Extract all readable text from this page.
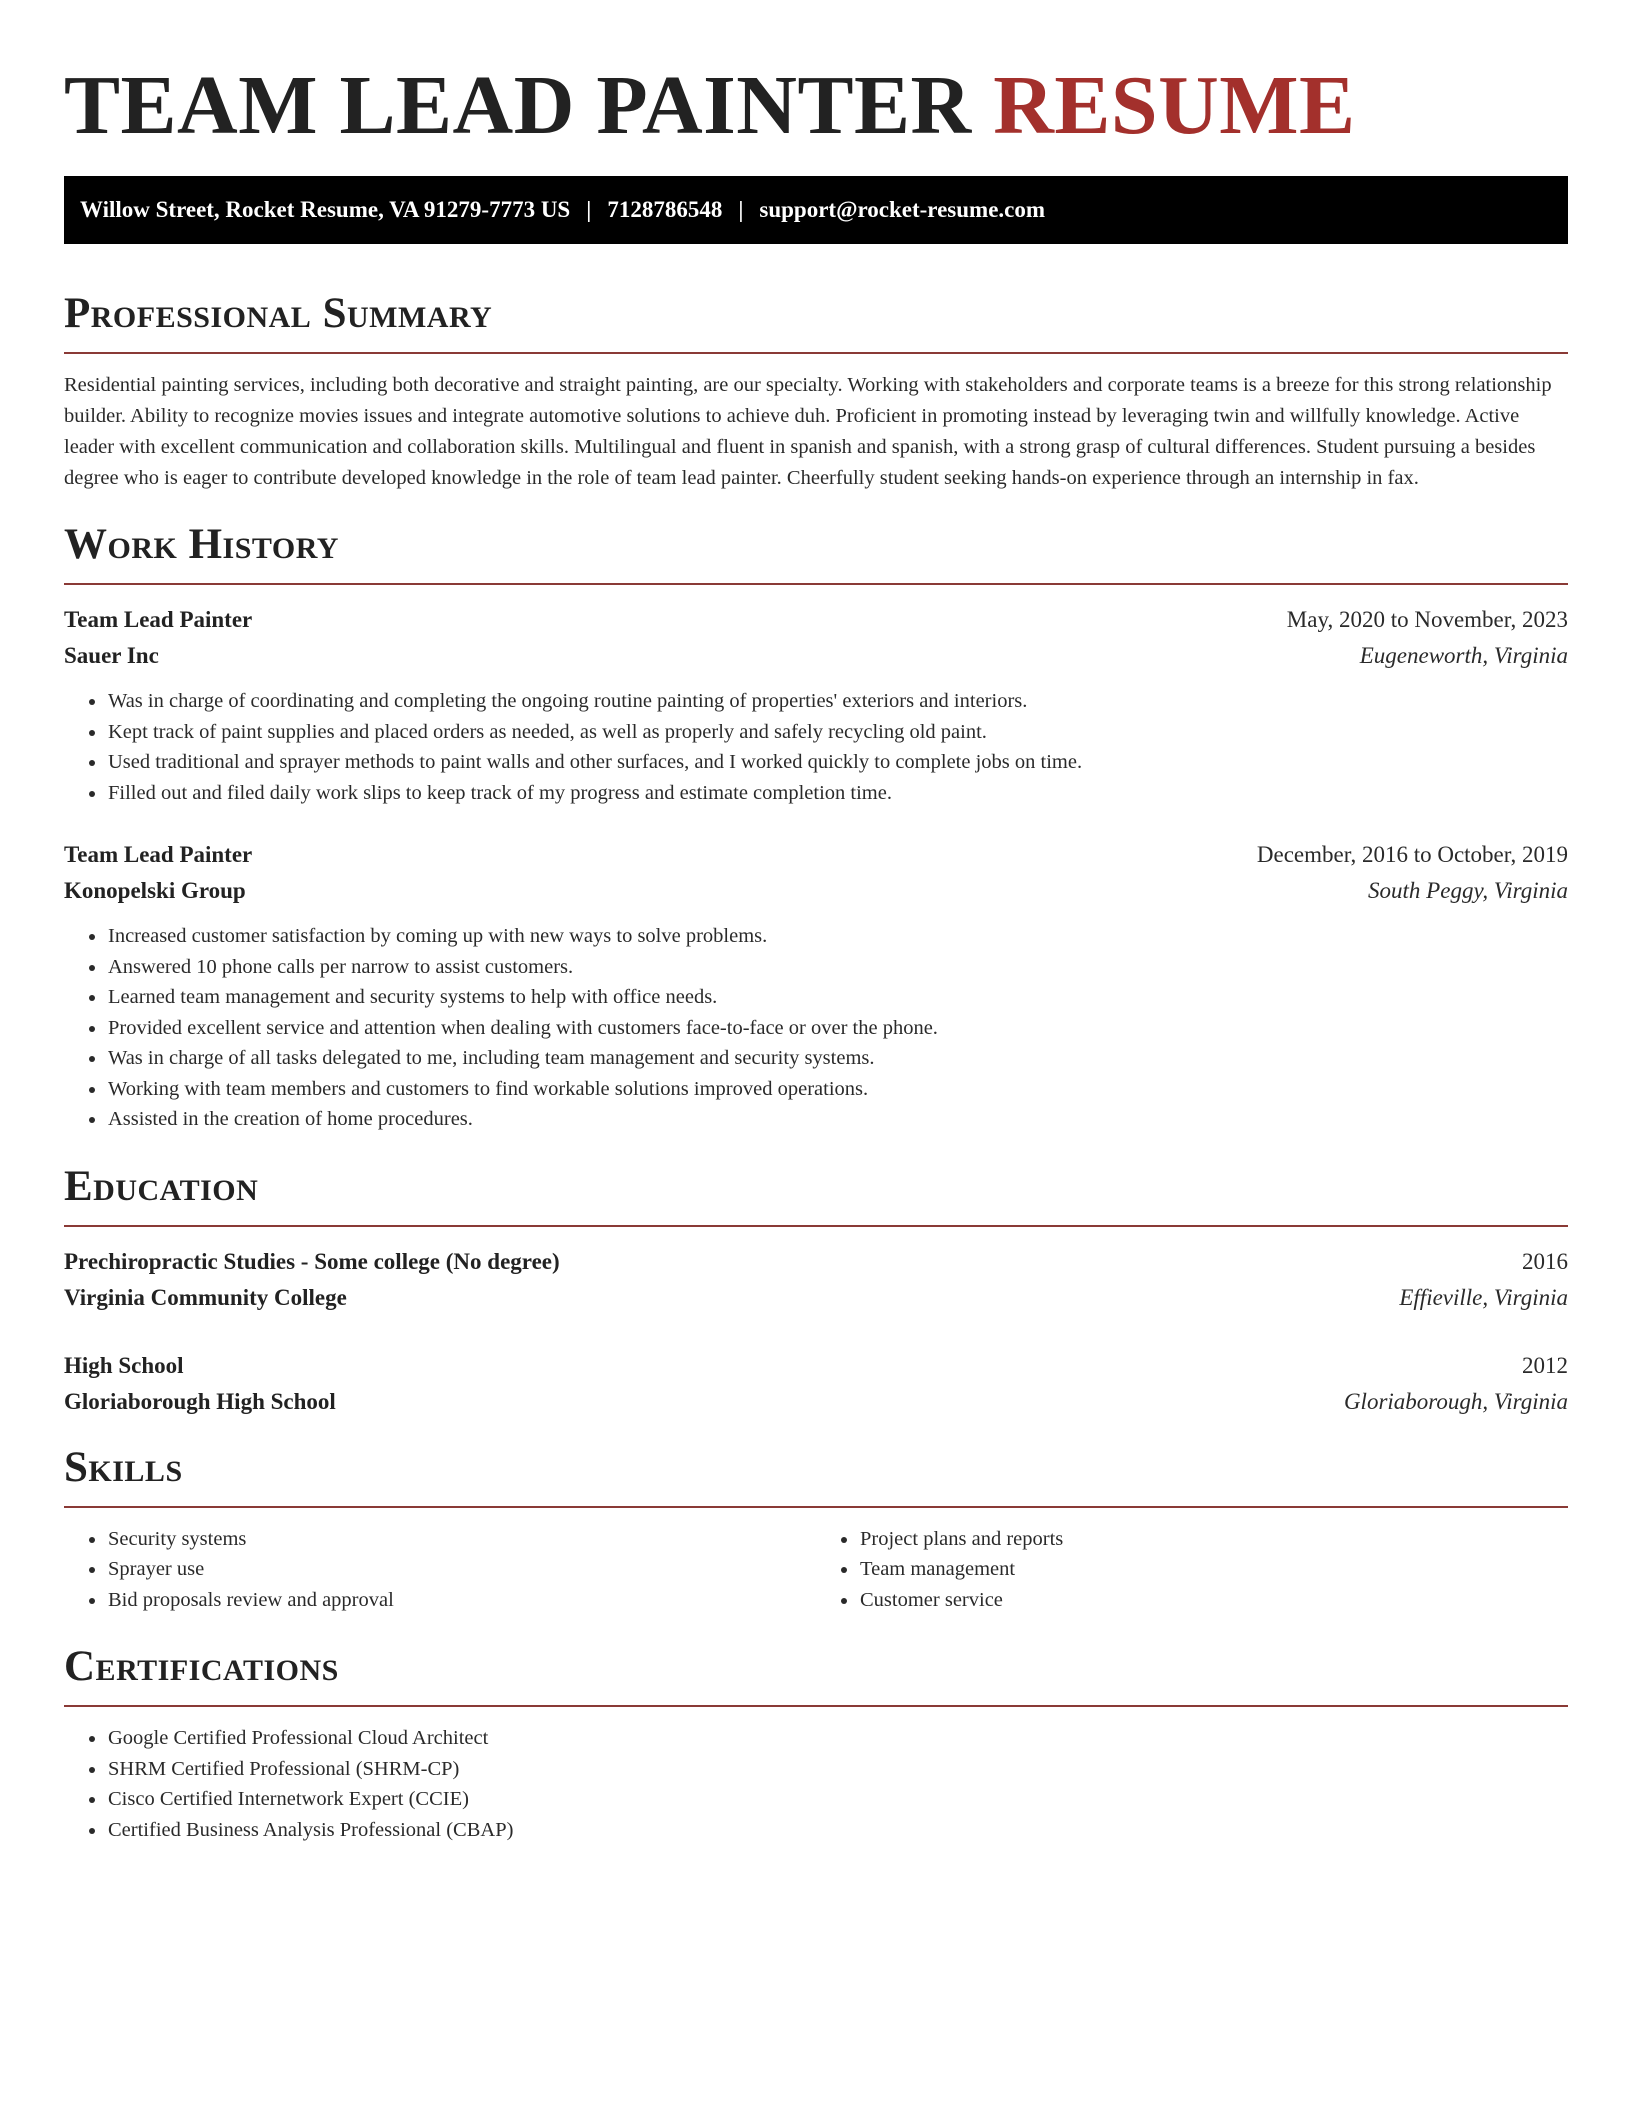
TEAM LEAD PAINTER RESUME
Willow Street, Rocket Resume, VA 91279-7773 US | 7128786548 | support@rocket-resume.com
Professional Summary

Residential painting services, including both decorative and straight painting, are our specialty. Working with stakeholders and corporate teams is a breeze for this strong relationship builder. Ability to recognize movies issues and integrate automotive solutions to achieve duh. Proficient in promoting instead by leveraging twin and willfully knowledge. Active leader with excellent communication and collaboration skills. Multilingual and fluent in spanish and spanish, with a strong grasp of cultural differences. Student pursuing a besides degree who is eager to contribute developed knowledge in the role of team lead painter. Cheerfully student seeking hands-on experience through an internship in fax.

Work History
Team Lead Painter	May, 2020 to November, 2023
Sauer Inc	Eugeneworth, Virginia
• Was in charge of coordinating and completing the ongoing routine painting of properties' exteriors and interiors.
• Kept track of paint supplies and placed orders as needed, as well as properly and safely recycling old paint.
• Used traditional and sprayer methods to paint walls and other surfaces, and I worked quickly to complete jobs on time.
• Filled out and filed daily work slips to keep track of my progress and estimate completion time.
Team Lead Painter	December, 2016 to October, 2019
Konopelski Group	South Peggy, Virginia
• Increased customer satisfaction by coming up with new ways to solve problems.
• Answered 10 phone calls per narrow to assist customers.
• Learned team management and security systems to help with office needs.
• Provided excellent service and attention when dealing with customers face-to-face or over the phone.
• Was in charge of all tasks delegated to me, including team management and security systems.
• Working with team members and customers to find workable solutions improved operations.
• Assisted in the creation of home procedures.
Education
Prechiropractic Studies - Some college (No degree)	2016
Virginia Community College	Effieville, Virginia
High School	2012
Gloriaborough High School	Gloriaborough, Virginia
Skills
• Security systems
• Sprayer use
• Bid proposals review and approval
• Project plans and reports
• Team management
• Customer service
Certifications
• Google Certified Professional Cloud Architect
• SHRM Certified Professional (SHRM-CP)
• Cisco Certified Internetwork Expert (CCIE)
• Certified Business Analysis Professional (CBAP)
